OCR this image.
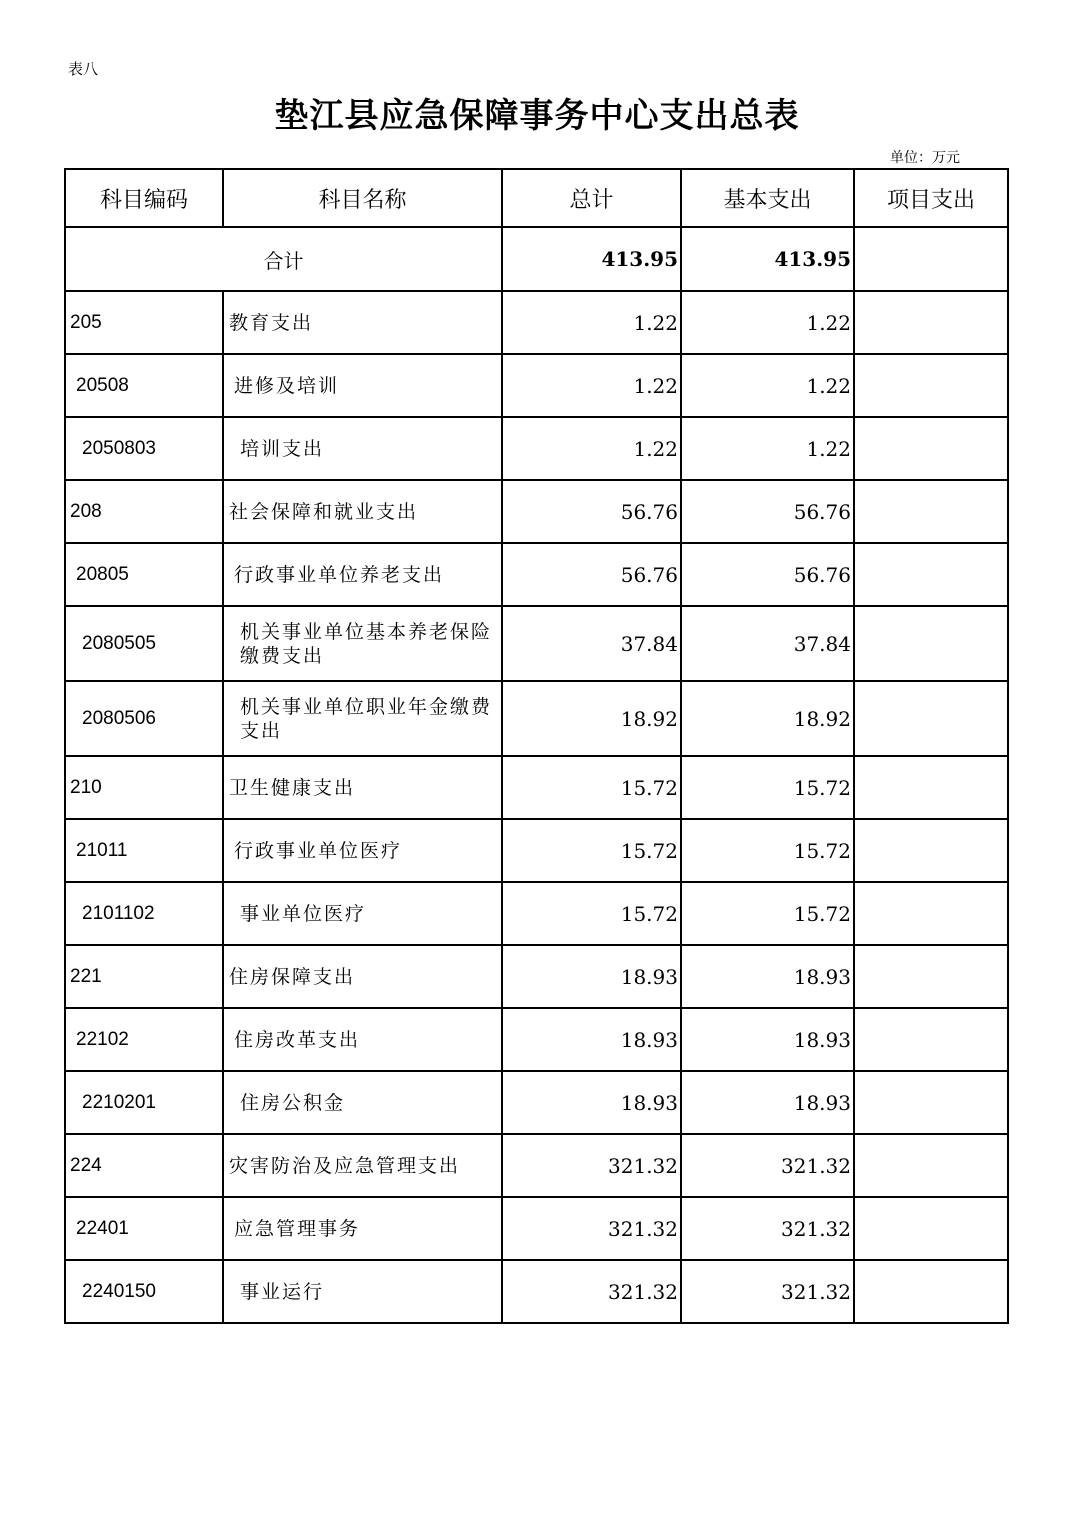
表八
垫江县应急保障事务中心支出总表
单位：万元
科目编码	科目名称	总计	基本支出	项目支出
合计		413.95	413.95	
205	教育支出	1.22	1.22	
20508	进修及培训	1.22	1.22	
2050803	培训支出	1.22	1.22	
208	社会保障和就业支出	56.76	56.76	
20805	行政事业单位养老支出	56.76	56.76	
2080505	机关事业单位基本养老保险缴费支出	37.84	37.84	
2080506	机关事业单位职业年金缴费支出	18.92	18.92	
210	卫生健康支出	15.72	15.72	
21011	行政事业单位医疗	15.72	15.72	
2101102	事业单位医疗	15.72	15.72	
221	住房保障支出	18.93	18.93	
22102	住房改革支出	18.93	18.93	
2210201	住房公积金	18.93	18.93	
224	灾害防治及应急管理支出	321.32	321.32	
22401	应急管理事务	321.32	321.32	
2240150	事业运行	321.32	321.32	
